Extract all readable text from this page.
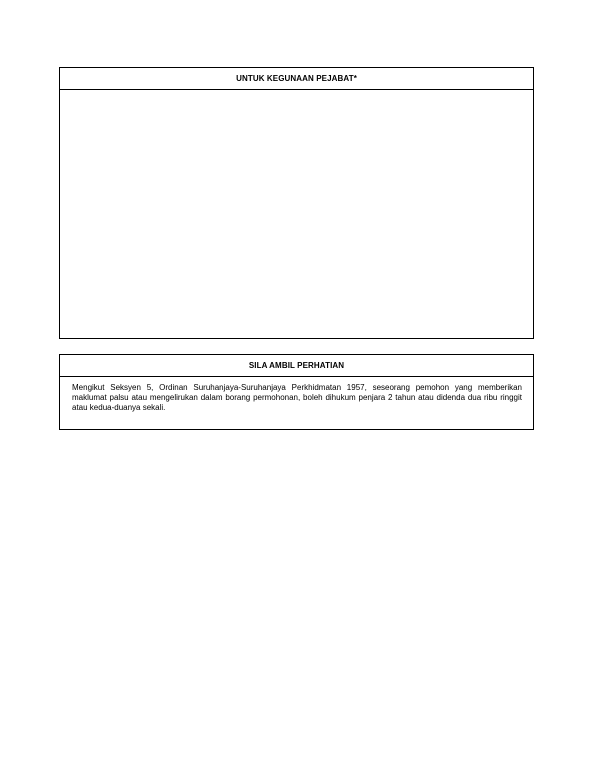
UNTUK KEGUNAAN PEJABAT*
SILA AMBIL PERHATIAN
Mengikut Seksyen 5, Ordinan Suruhanjaya-Suruhanjaya Perkhidmatan 1957, seseorang pemohon yang memberikan maklumat palsu atau mengelirukan dalam borang permohonan, boleh dihukum penjara 2 tahun atau didenda dua ribu ringgit atau kedua-duanya sekali.
